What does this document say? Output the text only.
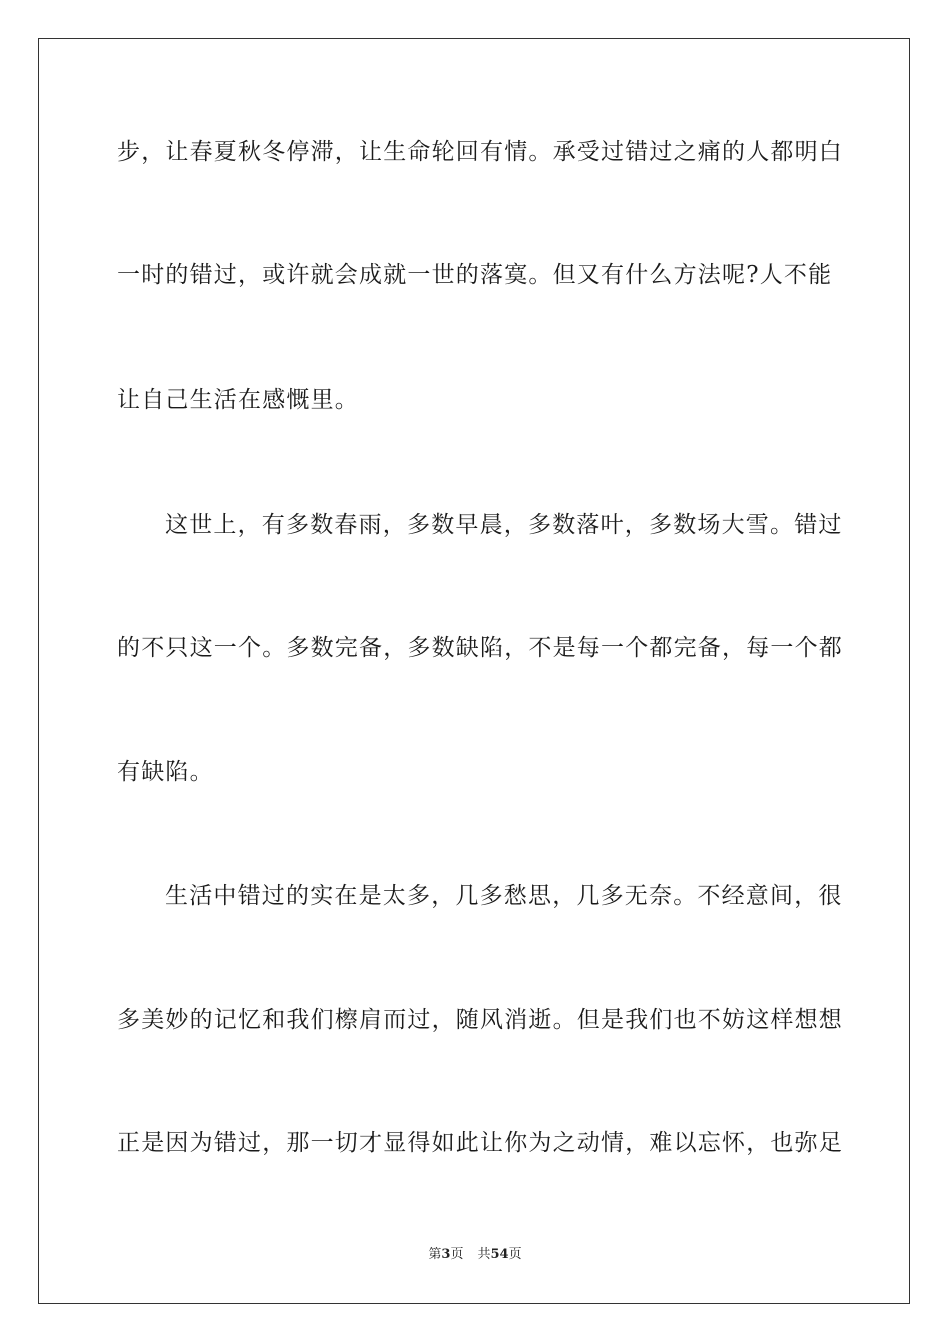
步，让春夏秋冬停滞，让生命轮回有情。承受过错过之痛的人都明白
一时的错过，或许就会成就一世的落寞。但又有什么方法呢?人不能
让自己生活在感慨里。
这世上，有多数春雨，多数早晨，多数落叶，多数场大雪。错过
的不只这一个。多数完备，多数缺陷，不是每一个都完备，每一个都
有缺陷。
生活中错过的实在是太多，几多愁思，几多无奈。不经意间，很
多美妙的记忆和我们檫肩而过，随风消逝。但是我们也不妨这样想想
正是因为错过，那一切才显得如此让你为之动情，难以忘怀，也弥足
第3页 共54页
